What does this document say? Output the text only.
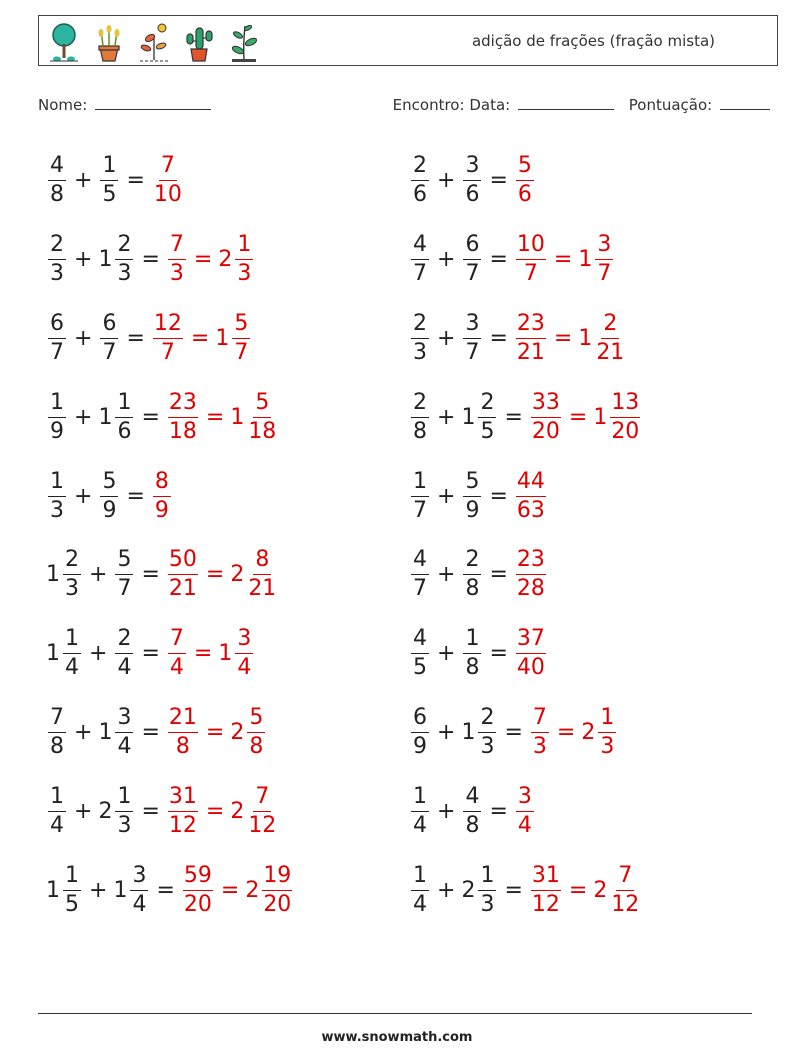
adição de frações (fração mista)
Nome:	Encontro: Data:	Pontuação:
$\frac{4}{8} + \frac{1}{5} = \frac{7}{10}$
$\frac{2}{3} + 1 \frac{2}{3} = \frac{7}{3} = 2 \frac{1}{3}$
$\frac{6}{7} + \frac{6}{7} = \frac{12}{7} = 1 \frac{5}{7}$
$\frac{1}{9} + 1 \frac{1}{6} = \frac{23}{18} = 1 \frac{5}{18}$
$\frac{1}{3} + \frac{5}{9} = \frac{8}{9}$
$1 \frac{2}{3} + \frac{5}{7} = \frac{50}{21} = 2 \frac{8}{21}$
$1 \frac{1}{4} + \frac{2}{4} = \frac{7}{4} = 1 \frac{3}{4}$
$\frac{7}{8} + 1 \frac{3}{4} = \frac{21}{8} = 2 \frac{5}{8}$
$\frac{1}{4} + 2 \frac{1}{3} = \frac{31}{12} = 2 \frac{7}{12}$
$1 \frac{1}{5} + 1 \frac{3}{4} = \frac{59}{20} = 2 \frac{19}{20}$
$\frac{2}{6} + \frac{3}{6} = \frac{5}{6}$
$\frac{4}{7} + \frac{6}{7} = \frac{10}{7} = 1 \frac{3}{7}$
$\frac{2}{3} + \frac{3}{7} = \frac{23}{21} = 1 \frac{2}{21}$
$\frac{2}{8} + 1 \frac{2}{5} = \frac{33}{20} = 1 \frac{13}{20}$
$\frac{1}{7} + \frac{5}{9} = \frac{44}{63}$
$\frac{4}{7} + \frac{2}{8} = \frac{23}{28}$
$\frac{4}{5} + \frac{1}{8} = \frac{37}{40}$
$\frac{6}{9} + 1 \frac{2}{3} = \frac{7}{3} = 2 \frac{1}{3}$
$\frac{1}{4} + \frac{4}{8} = \frac{3}{4}$
$\frac{1}{4} + 2 \frac{1}{3} = \frac{31}{12} = 2 \frac{7}{12}$
www.snowmath.com
